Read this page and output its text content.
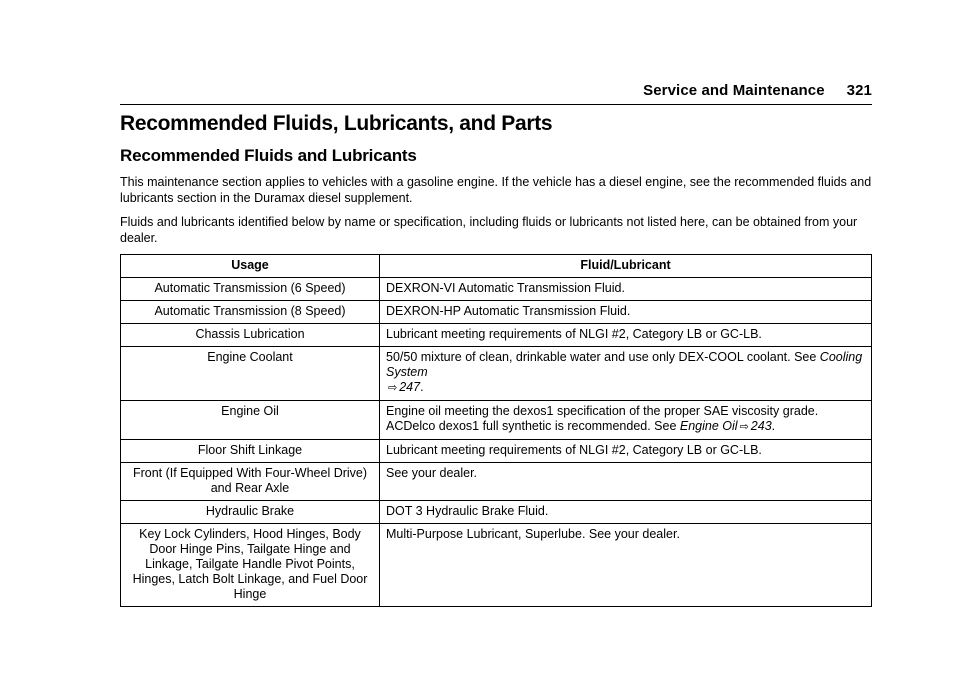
Service and Maintenance 321
Recommended Fluids, Lubricants, and Parts
Recommended Fluids and Lubricants

This maintenance section applies to vehicles with a gasoline engine. If the vehicle has a diesel engine, see the recommended fluids and lubricants section in the Duramax diesel supplement.

Fluids and lubricants identified below by name or specification, including fluids or lubricants not listed here, can be obtained from your dealer.

Usage	Fluid/Lubricant
Automatic Transmission (6 Speed)	DEXRON-VI Automatic Transmission Fluid.
Automatic Transmission (8 Speed)	DEXRON-HP Automatic Transmission Fluid.
Chassis Lubrication	Lubricant meeting requirements of NLGI #2, Category LB or GC-LB.
Engine Coolant	50/50 mixture of clean, drinkable water and use only DEX-COOL coolant. See Cooling System
⇨ 247.
Engine Oil	Engine oil meeting the dexos1 specification of the proper SAE viscosity grade. ACDelco dexos1 full synthetic is recommended. See Engine Oil ⇨ 243.
Floor Shift Linkage	Lubricant meeting requirements of NLGI #2, Category LB or GC-LB.
Front (If Equipped With Four-Wheel Drive) and Rear Axle	See your dealer.
Hydraulic Brake	DOT 3 Hydraulic Brake Fluid.
Key Lock Cylinders, Hood Hinges, Body Door Hinge Pins, Tailgate Hinge and Linkage, Tailgate Handle Pivot Points, Hinges, Latch Bolt Linkage, and Fuel Door Hinge	Multi-Purpose Lubricant, Superlube. See your dealer.
